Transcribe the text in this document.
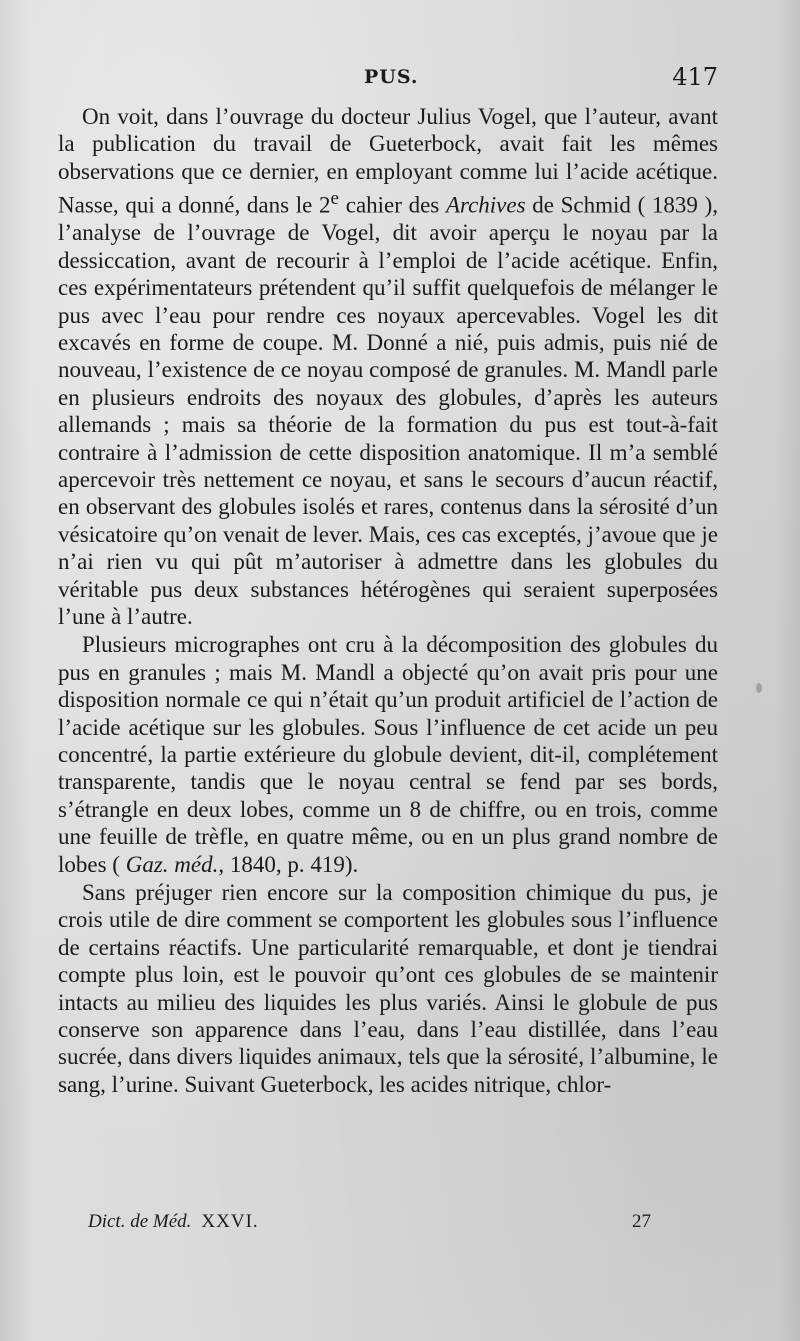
PUS.	417

On voit, dans l’ouvrage du docteur Julius Vogel, que l’auteur, avant la publication du travail de Gueterbock, avait fait les mêmes observations que ce dernier, en employant comme lui l’acide acétique. Nasse, qui a donné, dans le 2e cahier des Archives de Schmid ( 1839 ), l’analyse de l’ouvrage de Vogel, dit avoir aperçu le noyau par la dessiccation, avant de recourir à l’emploi de l’acide acétique. Enfin, ces expérimentateurs prétendent qu’il suffit quelquefois de mélanger le pus avec l’eau pour rendre ces noyaux apercevables. Vogel les dit excavés en forme de coupe. M. Donné a nié, puis admis, puis nié de nouveau, l’existence de ce noyau composé de granules. M. Mandl parle en plusieurs endroits des noyaux des globules, d’après les auteurs allemands ; mais sa théorie de la formation du pus est tout-à-fait contraire à l’admission de cette disposition anatomique. Il m’a semblé apercevoir très nettement ce noyau, et sans le secours d’aucun réactif, en observant des globules isolés et rares, contenus dans la sérosité d’un vésicatoire qu’on venait de lever. Mais, ces cas exceptés, j’avoue que je n’ai rien vu qui pût m’autoriser à admettre dans les globules du véritable pus deux substances hétérogènes qui seraient superposées l’une à l’autre.

Plusieurs micrographes ont cru à la décomposition des globules du pus en granules ; mais M. Mandl a objecté qu’on avait pris pour une disposition normale ce qui n’était qu’un produit artificiel de l’action de l’acide acétique sur les globules. Sous l’influence de cet acide un peu concentré, la partie extérieure du globule devient, dit-il, complétement transparente, tandis que le noyau central se fend par ses bords, s’étrangle en deux lobes, comme un 8 de chiffre, ou en trois, comme une feuille de trèfle, en quatre même, ou en un plus grand nombre de lobes ( Gaz. méd., 1840, p. 419).

Sans préjuger rien encore sur la composition chimique du pus, je crois utile de dire comment se comportent les globules sous l’influence de certains réactifs. Une particularité remarquable, et dont je tiendrai compte plus loin, est le pouvoir qu’ont ces globules de se maintenir intacts au milieu des liquides les plus variés. Ainsi le globule de pus conserve son apparence dans l’eau, dans l’eau distillée, dans l’eau sucrée, dans divers liquides animaux, tels que la sérosité, l’albumine, le sang, l’urine. Suivant Gueterbock, les acides nitrique, chlor-

Dict. de Méd. XXVI.	27
